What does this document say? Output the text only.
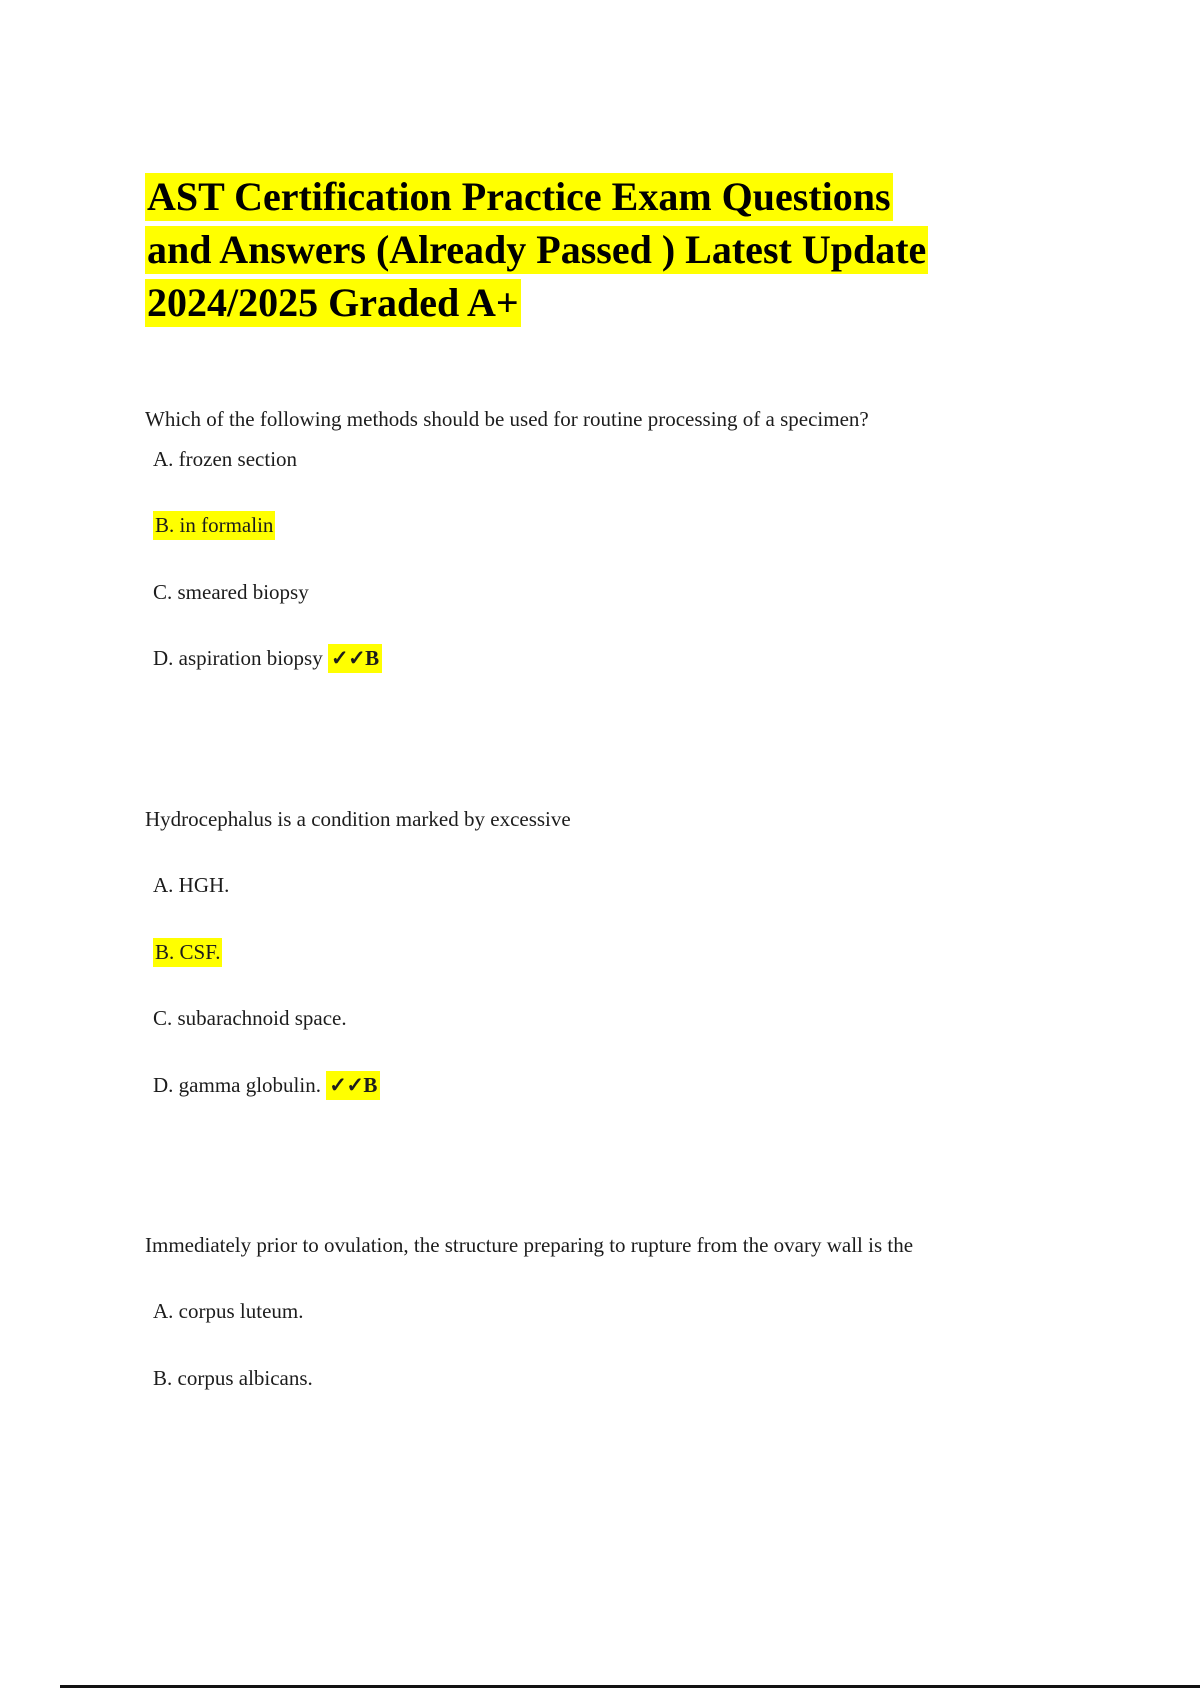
AST Certification Practice Exam Questions
and Answers (Already Passed ) Latest Update
2024/2025 Graded A+

Which of the following methods should be used for routine processing of a specimen?

A. frozen section

B. in formalin

C. smeared biopsy

D. aspiration biopsy ✓✓B

Hydrocephalus is a condition marked by excessive

A. HGH.

B. CSF.

C. subarachnoid space.

D. gamma globulin. ✓✓B

Immediately prior to ovulation, the structure preparing to rupture from the ovary wall is the

A. corpus luteum.

B. corpus albicans.
